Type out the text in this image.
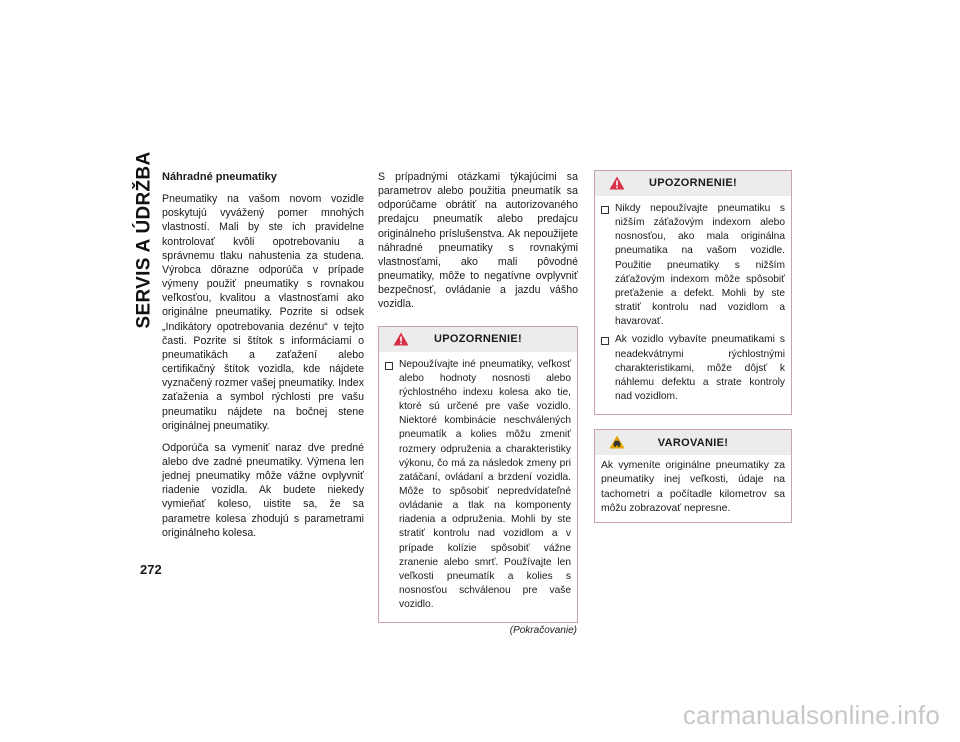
SERVIS A ÚDRŽBA
272
Náhradné pneumatiky

Pneumatiky na vašom novom vozidle poskytujú vyvážený pomer mnohých vlastností. Mali by ste ich pravidelne kontrolovať kvôli opotrebovaniu a správnemu tlaku nahustenia za studena. Výrobca dôrazne odporúča v prípade výmeny použiť pneumatiky s rovnakou veľkosťou, kvalitou a vlastnosťami ako originálne pneumatiky. Pozrite si odsek „Indikátory opotrebovania dezénu“ v tejto časti. Pozrite si štítok s informáciami o pneumatikách a zaťažení alebo certifikačný štítok vozidla, kde nájdete vyznačený rozmer vašej pneumatiky. Index zaťaženia a symbol rýchlosti pre vašu pneumatiku nájdete na bočnej stene originálnej pneumatiky.

Odporúča sa vymeniť naraz dve predné alebo dve zadné pneumatiky. Výmena len jednej pneumatiky môže vážne ovplyvniť riadenie vozidla. Ak budete niekedy vymieňať koleso, uistite sa, že sa parametre kolesa zhodujú s parametrami originálneho kolesa.

S prípadnými otázkami týkajúcimi sa parametrov alebo použitia pneumatík sa odporúčame obrátiť na autorizovaného predajcu pneumatík alebo predajcu originálneho príslušenstva. Ak nepoužijete náhradné pneumatiky s rovnakými vlastnosťami, ako mali pôvodné pneumatiky, môže to negatívne ovplyvniť bezpečnosť, ovládanie a jazdu vášho vozidla.

UPOZORNENIE!
Nepoužívajte iné pneumatiky, veľkosť alebo hodnoty nosnosti alebo rýchlostného indexu kolesa ako tie, ktoré sú určené pre vaše vozidlo. Niektoré kombinácie neschválených pneumatík a kolies môžu zmeniť rozmery odpruženia a charakteristiky výkonu, čo má za následok zmeny pri zatáčaní, ovládaní a brzdení vozidla. Môže to spôsobiť nepredvídateľné ovládanie a tlak na komponenty riadenia a odpruženia. Mohli by ste stratiť kontrolu nad vozidlom a v prípade kolízie spôsobiť vážne zranenie alebo smrť. Používajte len veľkosti pneumatík a kolies s nosnosťou schválenou pre vaše vozidlo.
(Pokračovanie)
UPOZORNENIE!
Nikdy nepoužívajte pneumatiku s nižším záťažovým indexom alebo nosnosťou, ako mala originálna pneumatika na vašom vozidle. Použitie pneumatiky s nižším záťažovým indexom môže spôsobiť preťaženie a defekt. Mohli by ste stratiť kontrolu nad vozidlom a havarovať.
Ak vozidlo vybavíte pneumatikami s neadekvátnymi rýchlostnými charakteristikami, môže dôjsť k náhlemu defektu a strate kontroly nad vozidlom.
VAROVANIE!
Ak vymeníte originálne pneumatiky za pneumatiky inej veľkosti, údaje na tachometri a počítadle kilometrov sa môžu zobrazovať nepresne.
carmanualsonline.info
